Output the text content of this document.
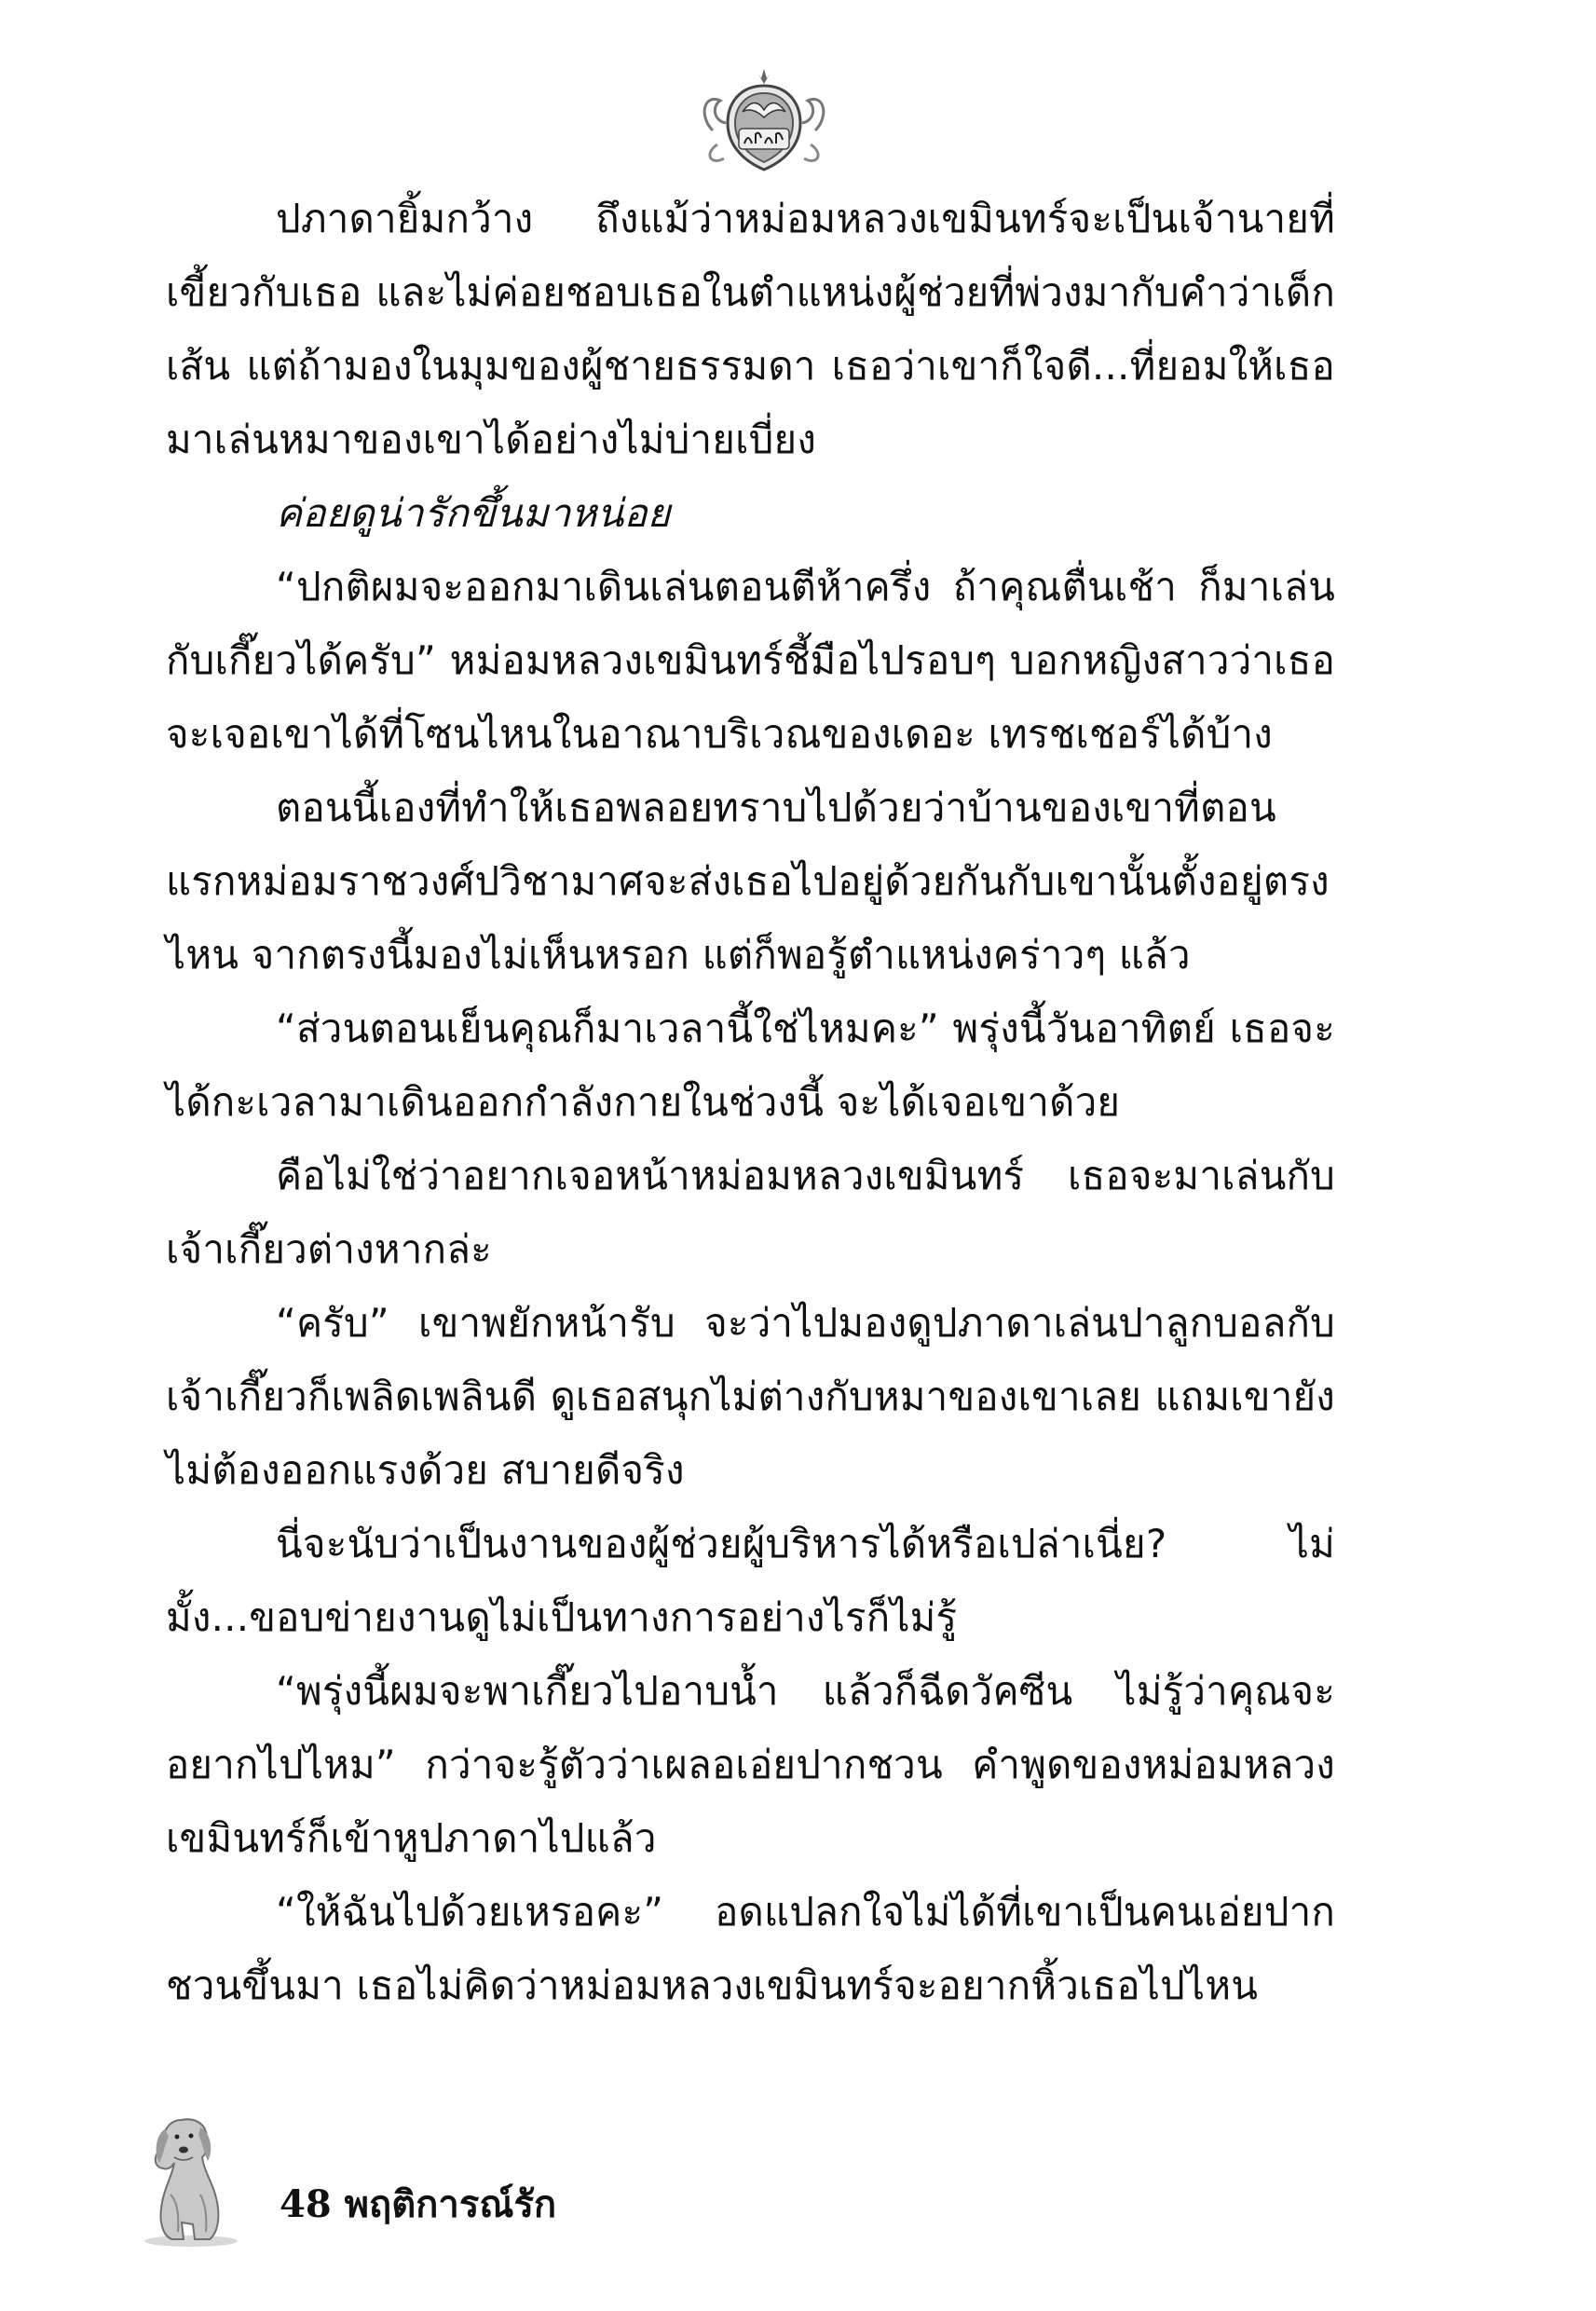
ปภาดายิ้มกว้าง ถึงแม้ว่าหม่อมหลวงเขมินทร์จะเป็นเจ้านายที่เขี้ยวกับเธอ และไม่ค่อยชอบเธอในตำแหน่งผู้ช่วยที่พ่วงมากับคำว่าเด็กเส้น แต่ถ้ามองในมุมของผู้ชายธรรมดา เธอว่าเขาก็ใจดี...ที่ยอมให้เธอมาเล่นหมาของเขาได้อย่างไม่บ่ายเบี่ยง

ค่อยดูน่ารักขึ้นมาหน่อย

“ปกติผมจะออกมาเดินเล่นตอนตีห้าครึ่ง ถ้าคุณตื่นเช้า ก็มาเล่นกับเกี๊ยวได้ครับ” หม่อมหลวงเขมินทร์ชี้มือไปรอบๆ บอกหญิงสาวว่าเธอจะเจอเขาได้ที่โซนไหนในอาณาบริเวณของเดอะ เทรชเชอร์ได้บ้าง

ตอนนี้เองที่ทำให้เธอพลอยทราบไปด้วยว่าบ้านของเขาที่ตอนแรกหม่อมราชวงศ์ปวิชามาศจะส่งเธอไปอยู่ด้วยกันกับเขานั้นตั้งอยู่ตรงไหน จากตรงนี้มองไม่เห็นหรอก แต่ก็พอรู้ตำแหน่งคร่าวๆ แล้ว

“ส่วนตอนเย็นคุณก็มาเวลานี้ใช่ไหมคะ” พรุ่งนี้วันอาทิตย์ เธอจะได้กะเวลามาเดินออกกำลังกายในช่วงนี้ จะได้เจอเขาด้วย

คือไม่ใช่ว่าอยากเจอหน้าหม่อมหลวงเขมินทร์ เธอจะมาเล่นกับเจ้าเกี๊ยวต่างหากล่ะ

“ครับ” เขาพยักหน้ารับ จะว่าไปมองดูปภาดาเล่นปาลูกบอลกับเจ้าเกี๊ยวก็เพลิดเพลินดี ดูเธอสนุกไม่ต่างกับหมาของเขาเลย แถมเขายังไม่ต้องออกแรงด้วย สบายดีจริง

นี่จะนับว่าเป็นงานของผู้ช่วยผู้บริหารได้หรือเปล่าเนี่ย? ไม่มั้ง...ขอบข่ายงานดูไม่เป็นทางการอย่างไรก็ไม่รู้

“พรุ่งนี้ผมจะพาเกี๊ยวไปอาบน้ำ แล้วก็ฉีดวัคซีน ไม่รู้ว่าคุณจะอยากไปไหม” กว่าจะรู้ตัวว่าเผลอเอ่ยปากชวน คำพูดของหม่อมหลวงเขมินทร์ก็เข้าหูปภาดาไปแล้ว

“ให้ฉันไปด้วยเหรอคะ” อดแปลกใจไม่ได้ที่เขาเป็นคนเอ่ยปากชวนขึ้นมา เธอไม่คิดว่าหม่อมหลวงเขมินทร์จะอยากหิ้วเธอไปไหน

48 พฤติการณ์รัก
